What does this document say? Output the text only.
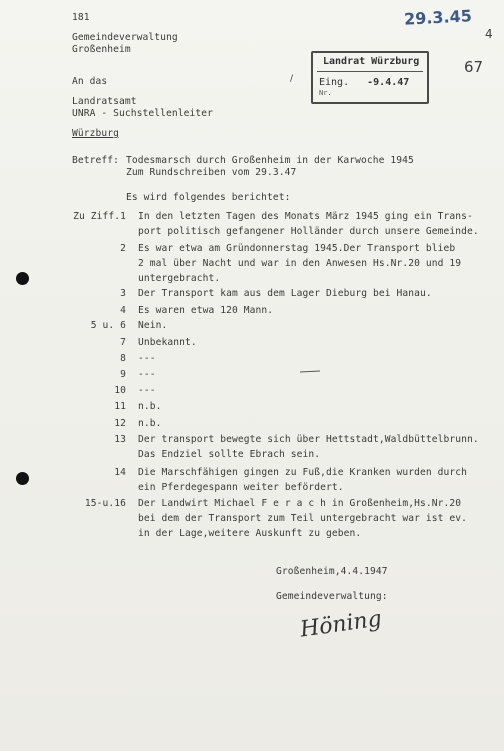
181
Gemeindeverwaltung
Großenheim
29.3.45
4
67
An das
Landratsamt
UNRA - Suchstellenleiter
Würzburg
Landrat Würzburg
Eing. -9.4.47
Nr.
/
Betreff: Todesmarsch durch Großenheim in der Karwoche 1945
Zum Rundschreiben vom 29.3.47
Es wird folgendes berichtet:
Zu Ziff.1 In den letzten Tagen des Monats März 1945 ging ein Trans-
port politisch gefangener Holländer durch unsere Gemeinde.
2 Es war etwa am Gründonnerstag 1945.Der Transport blieb
2 mal über Nacht und war in den Anwesen Hs.Nr.20 und 19
untergebracht.
3 Der Transport kam aus dem Lager Dieburg bei Hanau.
4 Es waren etwa 120 Mann.
5 u. 6 Nein.
7 Unbekannt.
8 ---
9 ---
10 ---
11 n.b.
12 n.b.
13 Der transport bewegte sich über Hettstadt,Waldbüttelbrunn.
Das Endziel sollte Ebrach sein.
14 Die Marschfähigen gingen zu Fuß,die Kranken wurden durch
ein Pferdegespann weiter befördert.
15-u.16 Der Landwirt Michael F e r a c h in Großenheim,Hs.Nr.20
bei dem der Transport zum Teil untergebracht war ist ev.
in der Lage,weitere Auskunft zu geben.
Großenheim,4.4.1947
Gemeindeverwaltung:
Höning
